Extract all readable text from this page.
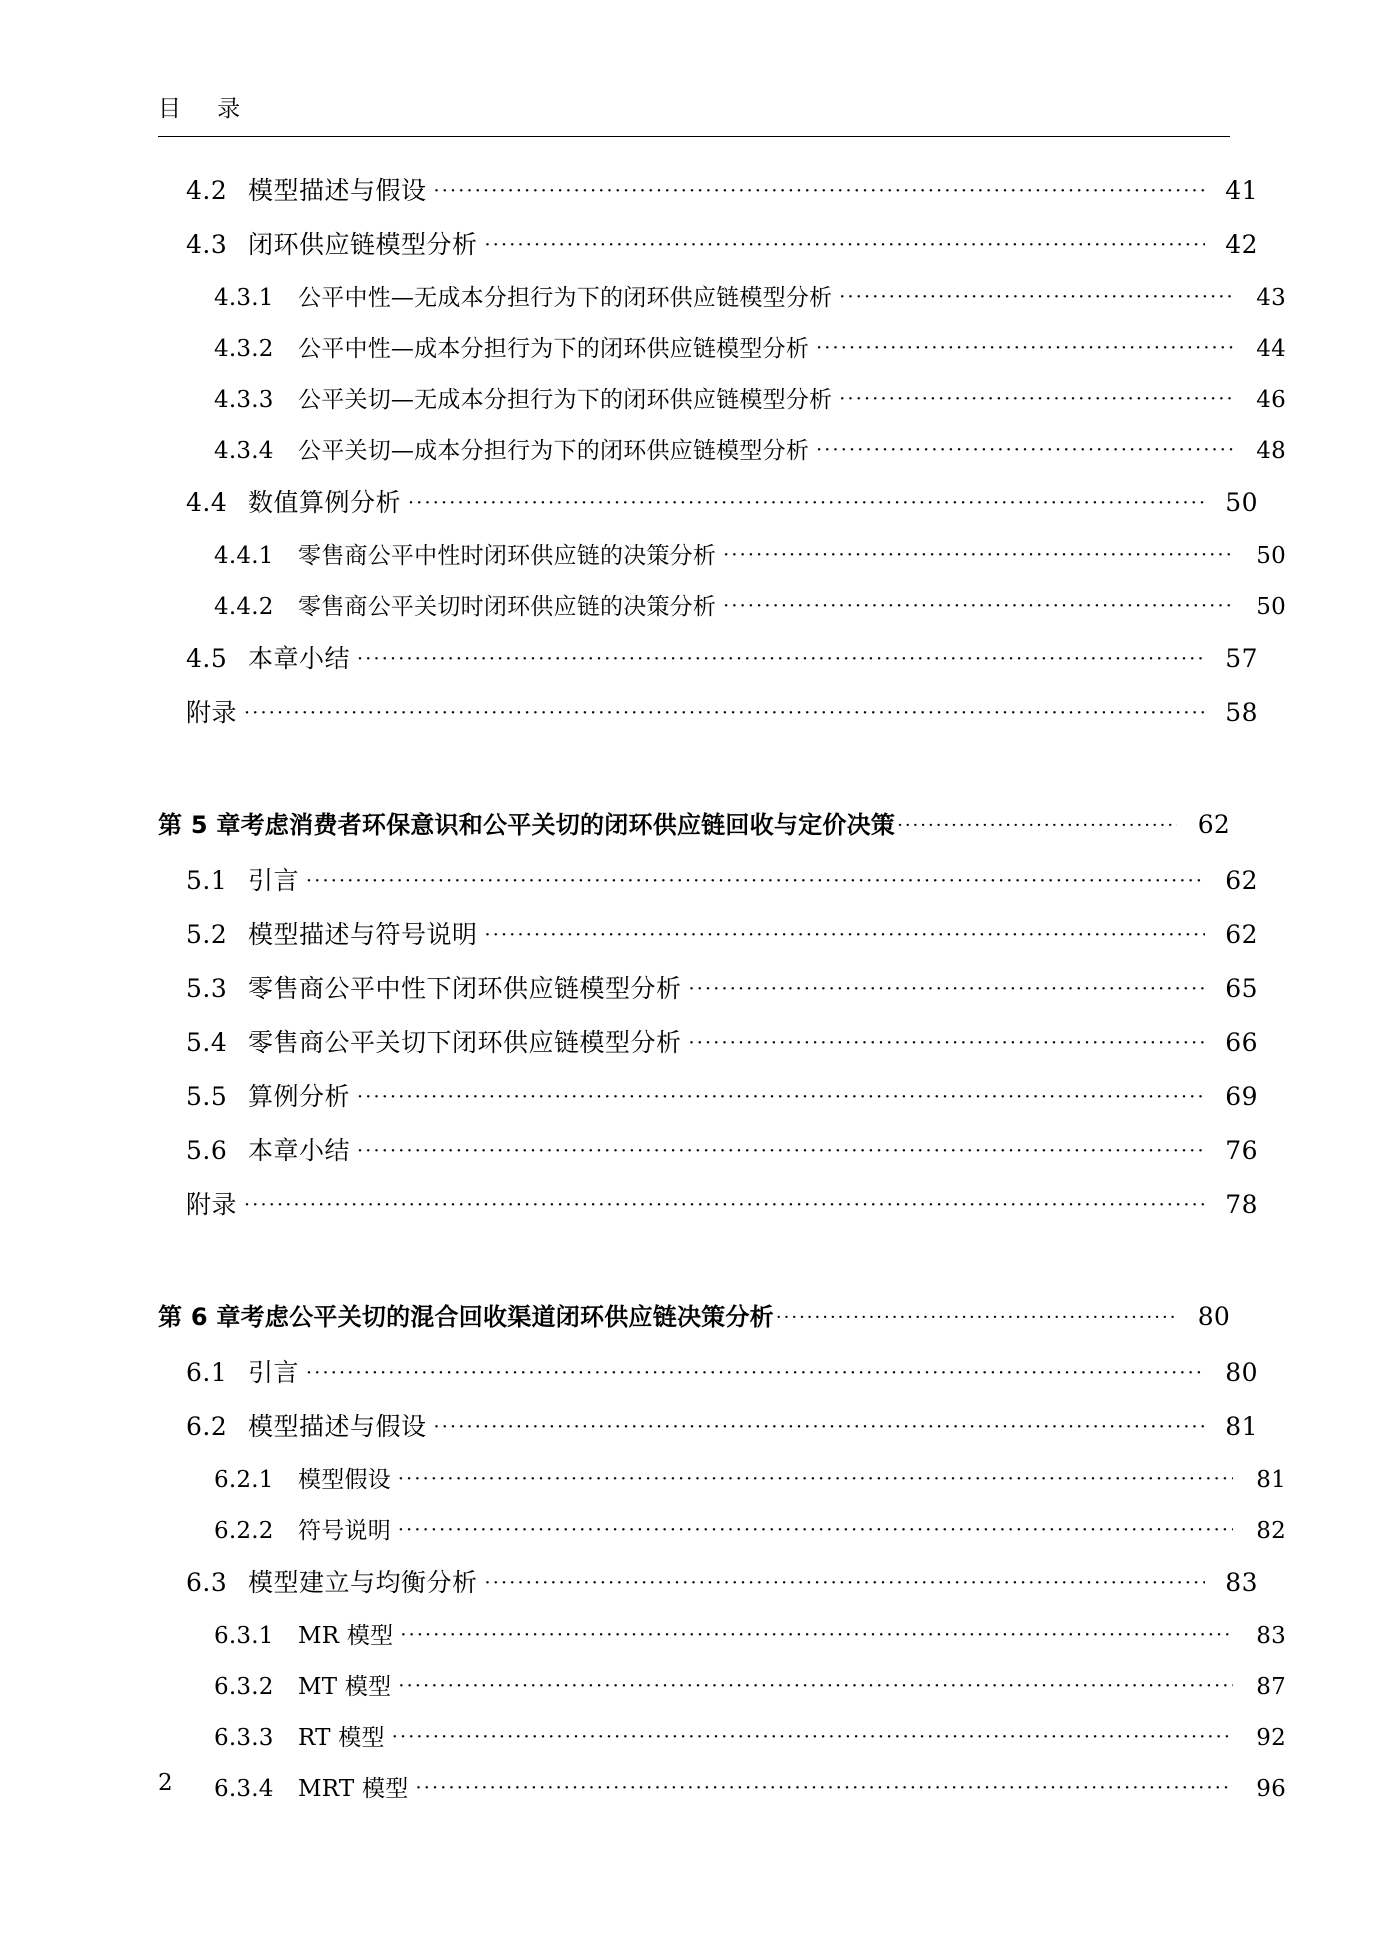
目    录
4.2 模型描述与假设 ·····	41
4.3 闭环供应链模型分析 ·····	42
4.3.1 公平中性—无成本分担行为下的闭环供应链模型分析 ·····	43
4.3.2 公平中性—成本分担行为下的闭环供应链模型分析 ·····	44
4.3.3 公平关切—无成本分担行为下的闭环供应链模型分析 ·····	46
4.3.4 公平关切—成本分担行为下的闭环供应链模型分析 ·····	48
4.4 数值算例分析 ·····	50
4.4.1 零售商公平中性时闭环供应链的决策分析 ·····	50
4.4.2 零售商公平关切时闭环供应链的决策分析 ·····	50
4.5 本章小结 ·····	57
附录 ·····	58
第 5 章考虑消费者环保意识和公平关切的闭环供应链回收与定价决策 ·····	62
5.1 引言 ·····	62
5.2 模型描述与符号说明 ·····	62
5.3 零售商公平中性下闭环供应链模型分析 ·····	65
5.4 零售商公平关切下闭环供应链模型分析 ·····	66
5.5 算例分析 ·····	69
5.6 本章小结 ·····	76
附录 ·····	78
第 6 章考虑公平关切的混合回收渠道闭环供应链决策分析 ·····	80
6.1 引言 ·····	80
6.2 模型描述与假设 ·····	81
6.2.1 模型假设 ·····	81
6.2.2 符号说明 ·····	82
6.3 模型建立与均衡分析 ·····	83
6.3.1 MR 模型 ·····	83
6.3.2 MT 模型 ·····	87
6.3.3 RT 模型 ·····	92
6.3.4 MRT 模型 ·····	96
2
